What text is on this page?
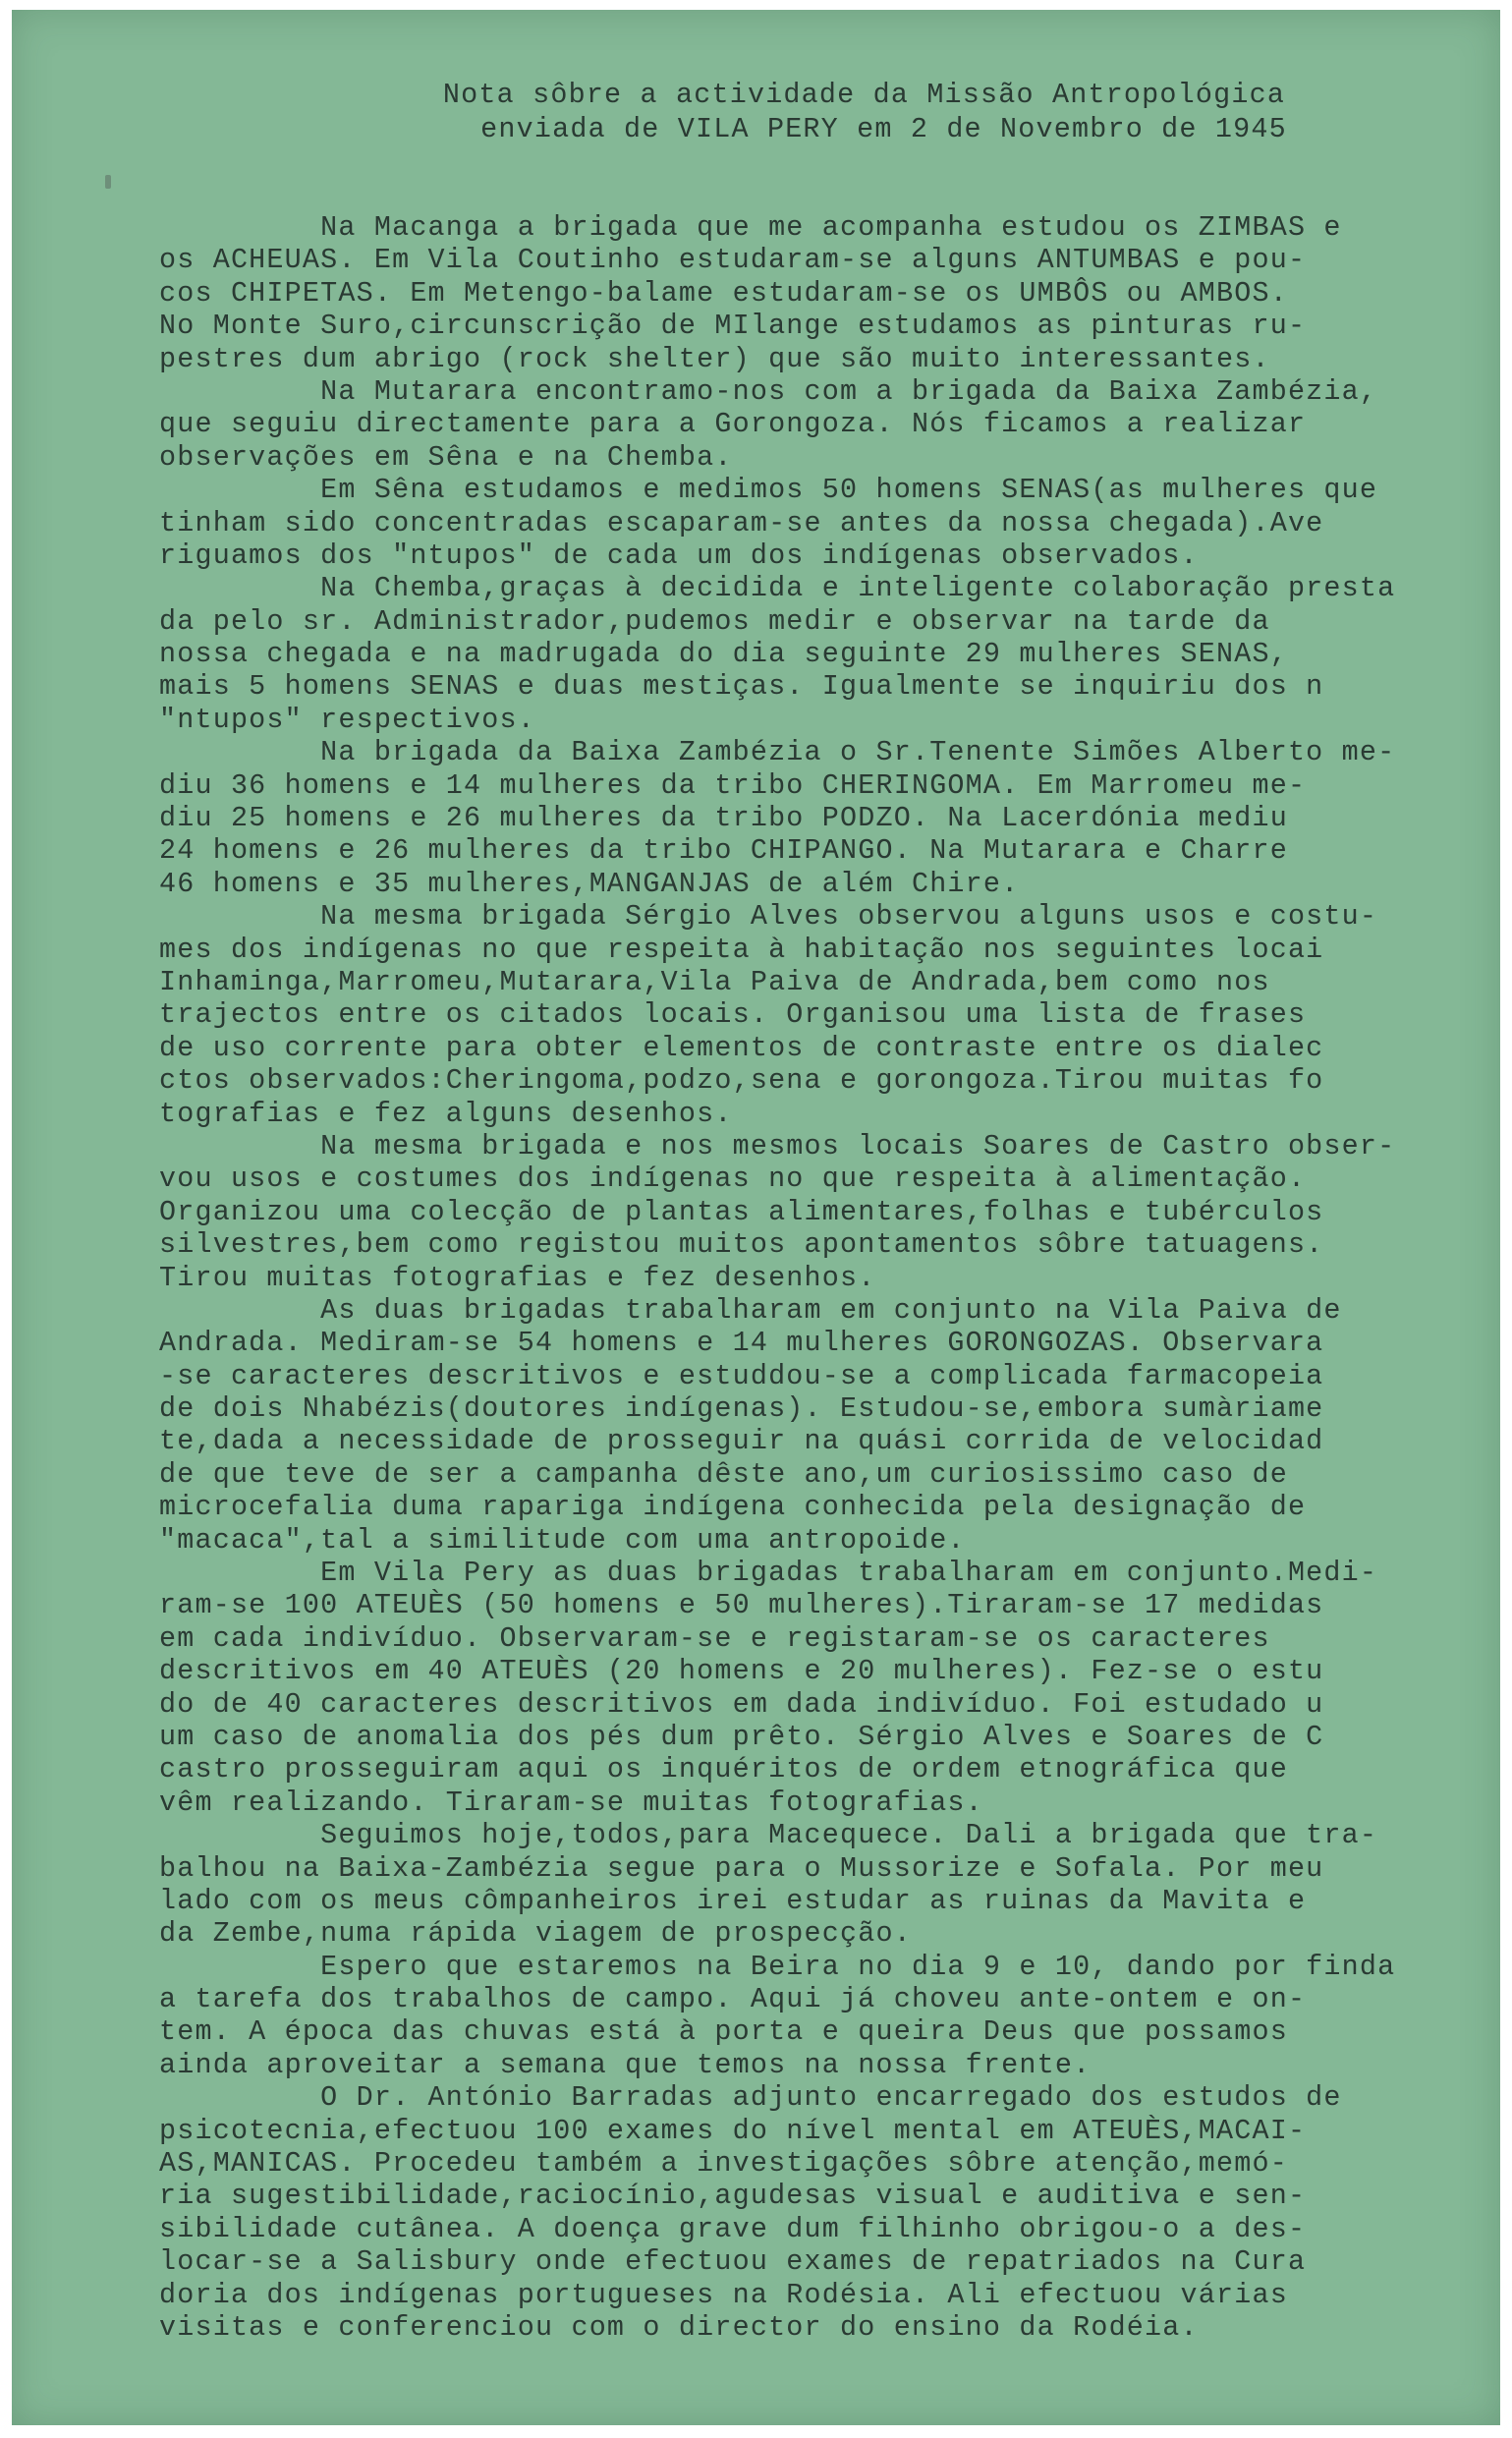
Nota sôbre a actividade da Missão Antropológica
enviada de VILA PERY em 2 de Novembro de 1945
Na Macanga a brigada que me acompanha estudou os ZIMBAS e
os ACHEUAS. Em Vila Coutinho estudaram-se alguns ANTUMBAS e pou-
cos CHIPETAS. Em Metengo-balame estudaram-se os UMBÔS ou AMBOS.
No Monte Suro,circunscrição de MIlange estudamos as pinturas ru-
pestres dum abrigo (rock shelter) que são muito interessantes.
Na Mutarara encontramo-nos com a brigada da Baixa Zambézia,
que seguiu directamente para a Gorongoza. Nós ficamos a realizar
observações em Sêna e na Chemba.
Em Sêna estudamos e medimos 50 homens SENAS(as mulheres que
tinham sido concentradas escaparam-se antes da nossa chegada).Ave
riguamos dos "ntupos" de cada um dos indígenas observados.
Na Chemba,graças à decidida e inteligente colaboração presta
da pelo sr. Administrador,pudemos medir e observar na tarde da
nossa chegada e na madrugada do dia seguinte 29 mulheres SENAS,
mais 5 homens SENAS e duas mestiças. Igualmente se inquiriu dos n
"ntupos" respectivos.
Na brigada da Baixa Zambézia o Sr.Tenente Simões Alberto me-
diu 36 homens e 14 mulheres da tribo CHERINGOMA. Em Marromeu me-
diu 25 homens e 26 mulheres da tribo PODZO. Na Lacerdónia mediu
24 homens e 26 mulheres da tribo CHIPANGO. Na Mutarara e Charre
46 homens e 35 mulheres,MANGANJAS de além Chire.
Na mesma brigada Sérgio Alves observou alguns usos e costu-
mes dos indígenas no que respeita à habitação nos seguintes locai
Inhaminga,Marromeu,Mutarara,Vila Paiva de Andrada,bem como nos
trajectos entre os citados locais. Organisou uma lista de frases
de uso corrente para obter elementos de contraste entre os dialec
ctos observados:Cheringoma,podzo,sena e gorongoza.Tirou muitas fo
tografias e fez alguns desenhos.
Na mesma brigada e nos mesmos locais Soares de Castro obser-
vou usos e costumes dos indígenas no que respeita à alimentação.
Organizou uma colecção de plantas alimentares,folhas e tubérculos
silvestres,bem como registou muitos apontamentos sôbre tatuagens.
Tirou muitas fotografias e fez desenhos.
As duas brigadas trabalharam em conjunto na Vila Paiva de
Andrada. Mediram-se 54 homens e 14 mulheres GORONGOZAS. Observara
-se caracteres descritivos e estuddou-se a complicada farmacopeia
de dois Nhabézis(doutores indígenas). Estudou-se,embora sumàriame
te,dada a necessidade de prosseguir na quási corrida de velocidad
de que teve de ser a campanha dêste ano,um curiosissimo caso de
microcefalia duma rapariga indígena conhecida pela designação de
"macaca",tal a similitude com uma antropoide.
Em Vila Pery as duas brigadas trabalharam em conjunto.Medi-
ram-se 100 ATEUÈS (50 homens e 50 mulheres).Tiraram-se 17 medidas
em cada indivíduo. Observaram-se e registaram-se os caracteres
descritivos em 40 ATEUÈS (20 homens e 20 mulheres). Fez-se o estu
do de 40 caracteres descritivos em dada indivíduo. Foi estudado u
um caso de anomalia dos pés dum prêto. Sérgio Alves e Soares de C
castro prosseguiram aqui os inquéritos de ordem etnográfica que
vêm realizando. Tiraram-se muitas fotografias.
Seguimos hoje,todos,para Macequece. Dali a brigada que tra-
balhou na Baixa-Zambézia segue para o Mussorize e Sofala. Por meu
lado com os meus cômpanheiros irei estudar as ruinas da Mavita e
da Zembe,numa rápida viagem de prospecção.
Espero que estaremos na Beira no dia 9 e 10, dando por finda
a tarefa dos trabalhos de campo. Aqui já choveu ante-ontem e on-
tem. A época das chuvas está à porta e queira Deus que possamos
ainda aproveitar a semana que temos na nossa frente.
O Dr. António Barradas adjunto encarregado dos estudos de
psicotecnia,efectuou 100 exames do nível mental em ATEUÈS,MACAI-
AS,MANICAS. Procedeu também a investigações sôbre atenção,memó-
ria sugestibilidade,raciocínio,agudesas visual e auditiva e sen-
sibilidade cutânea. A doença grave dum filhinho obrigou-o a des-
locar-se a Salisbury onde efectuou exames de repatriados na Cura
doria dos indígenas portugueses na Rodésia. Ali efectuou várias
visitas e conferenciou com o director do ensino da Rodéia.
